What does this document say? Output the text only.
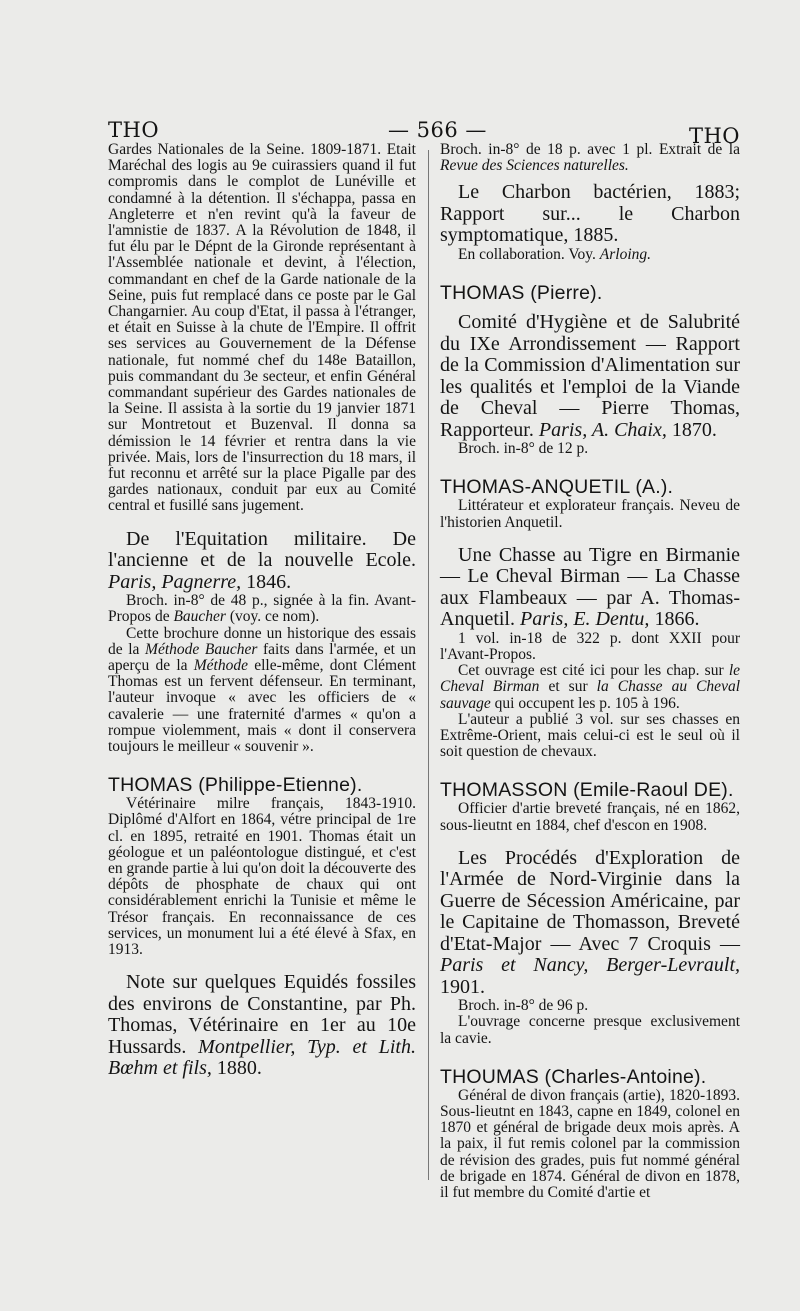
THO	— 566 —	THO

Gardes Nationales de la Seine. 1809-1871. Etait Maréchal des logis au 9e cuirassiers quand il fut compromis dans le complot de Lunéville et condamné à la détention. Il s'échappa, passa en Angleterre et n'en revint qu'à la faveur de l'amnistie de 1837. A la Révolution de 1848, il fut élu par le Dépnt de la Gironde représentant à l'Assemblée nationale et devint, à l'élection, commandant en chef de la Garde nationale de la Seine, puis fut remplacé dans ce poste par le Gal Changarnier. Au coup d'Etat, il passa à l'étranger, et était en Suisse à la chute de l'Empire. Il offrit ses services au Gouvernement de la Défense nationale, fut nommé chef du 148e Bataillon, puis commandant du 3e secteur, et enfin Général commandant supérieur des Gardes nationales de la Seine. Il assista à la sortie du 19 janvier 1871 sur Montretout et Buzenval. Il donna sa démission le 14 février et rentra dans la vie privée. Mais, lors de l'insurrection du 18 mars, il fut reconnu et arrêté sur la place Pigalle par des gardes nationaux, conduit par eux au Comité central et fusillé sans jugement.

De l'Equitation militaire. De l'ancienne et de la nouvelle Ecole. Paris, Pagnerre, 1846.

Broch. in-8° de 48 p., signée à la fin. Avant-Propos de Baucher (voy. ce nom).

Cette brochure donne un historique des essais de la Méthode Baucher faits dans l'armée, et un aperçu de la Méthode elle-même, dont Clément Thomas est un fervent défenseur. En terminant, l'auteur invoque « avec les officiers de « cavalerie — une fraternité d'armes « qu'on a rompue violemment, mais « dont il conservera toujours le meilleur « souvenir ».

THOMAS (Philippe-Etienne).

Vétérinaire milre français, 1843-1910. Diplômé d'Alfort en 1864, vétre principal de 1re cl. en 1895, retraité en 1901. Thomas était un géologue et un paléontologue distingué, et c'est en grande partie à lui qu'on doit la découverte des dépôts de phosphate de chaux qui ont considérablement enrichi la Tunisie et même le Trésor français. En reconnaissance de ces services, un monument lui a été élevé à Sfax, en 1913.

Note sur quelques Equidés fossiles des environs de Constantine, par Ph. Thomas, Vétérinaire en 1er au 10e Hussards. Montpellier, Typ. et Lith. Bœhm et fils, 1880.

Broch. in-8° de 18 p. avec 1 pl. Extrait de la Revue des Sciences naturelles.

Le Charbon bactérien, 1883; Rapport sur... le Charbon symptomatique, 1885.

En collaboration. Voy. Arloing.

THOMAS (Pierre).

Comité d'Hygiène et de Salubrité du IXe Arrondissement — Rapport de la Commission d'Alimentation sur les qualités et l'emploi de la Viande de Cheval — Pierre Thomas, Rapporteur. Paris, A. Chaix, 1870.

Broch. in-8° de 12 p.

THOMAS-ANQUETIL (A.).

Littérateur et explorateur français. Neveu de l'historien Anquetil.

Une Chasse au Tigre en Birmanie — Le Cheval Birman — La Chasse aux Flambeaux — par A. Thomas-Anquetil. Paris, E. Dentu, 1866.

1 vol. in-18 de 322 p. dont XXII pour l'Avant-Propos.

Cet ouvrage est cité ici pour les chap. sur le Cheval Birman et sur la Chasse au Cheval sauvage qui occupent les p. 105 à 196.

L'auteur a publié 3 vol. sur ses chasses en Extrême-Orient, mais celui-ci est le seul où il soit question de chevaux.

THOMASSON (Emile-Raoul DE).

Officier d'artie breveté français, né en 1862, sous-lieutnt en 1884, chef d'escon en 1908.

Les Procédés d'Exploration de l'Armée de Nord-Virginie dans la Guerre de Sécession Américaine, par le Capitaine de Thomasson, Breveté d'Etat-Major — Avec 7 Croquis — Paris et Nancy, Berger-Levrault, 1901.

Broch. in-8° de 96 p.

L'ouvrage concerne presque exclusivement la cavie.

THOUMAS (Charles-Antoine).

Général de divon français (artie), 1820-1893. Sous-lieutnt en 1843, capne en 1849, colonel en 1870 et général de brigade deux mois après. A la paix, il fut remis colonel par la commission de révision des grades, puis fut nommé général de brigade en 1874. Général de divon en 1878, il fut membre du Comité d'artie et
